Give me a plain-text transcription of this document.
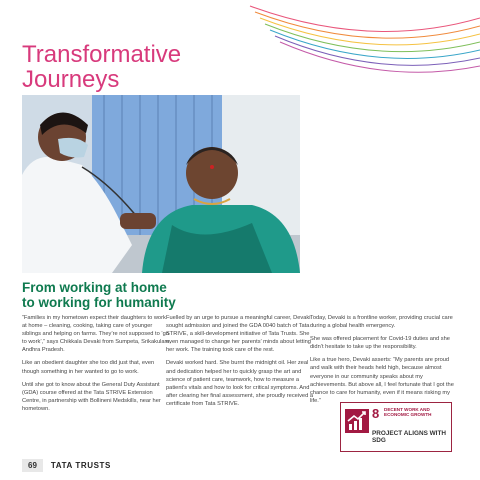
Transformative
Journeys
From working at home
to working for humanity

“Families in my hometown expect their daughters to work at home – cleaning, cooking, taking care of younger siblings and helping on farms. They’re not supposed to ‘go to work’,” says Chikkala Devaki from Sumpeta, Srikakulam, Andhra Pradesh.

Like an obedient daughter she too did just that, even though something in her wanted to go to work.

Until she got to know about the General Duty Assistant (GDA) course offered at the Tata STRIVE Extension Centre, in partnership with Bollineni Medskills, near her hometown.

Fuelled by an urge to pursue a meaningful career, Devaki sought admission and joined the GDA 0040 batch of Tata STRIVE, a skill-development initiative of Tata Trusts. She even managed to change her parents’ minds about letting her work. The training took care of the rest.

Devaki worked hard. She burnt the midnight oil. Her zeal and dedication helped her to quickly grasp the art and science of patient care, teamwork, how to measure a patient’s vitals and how to look for critical symptoms. And after clearing her final assessment, she proudly received a certificate from Tata STRIVE.

Today, Devaki is a frontline worker, providing crucial care during a global health emergency.

She was offered placement for Covid-19 duties and she didn’t hesitate to take up the responsibility.

Like a true hero, Devaki asserts: “My parents are proud and walk with their heads held high, because almost everyone in our community speaks about my achievements. But above all, I feel fortunate that I got the chance to care for humanity, even if it means risking my life.”

8 DECENT WORK AND ECONOMIC GROWTH
PROJECT ALIGNS WITH SDG
69	TATA TRUSTS
